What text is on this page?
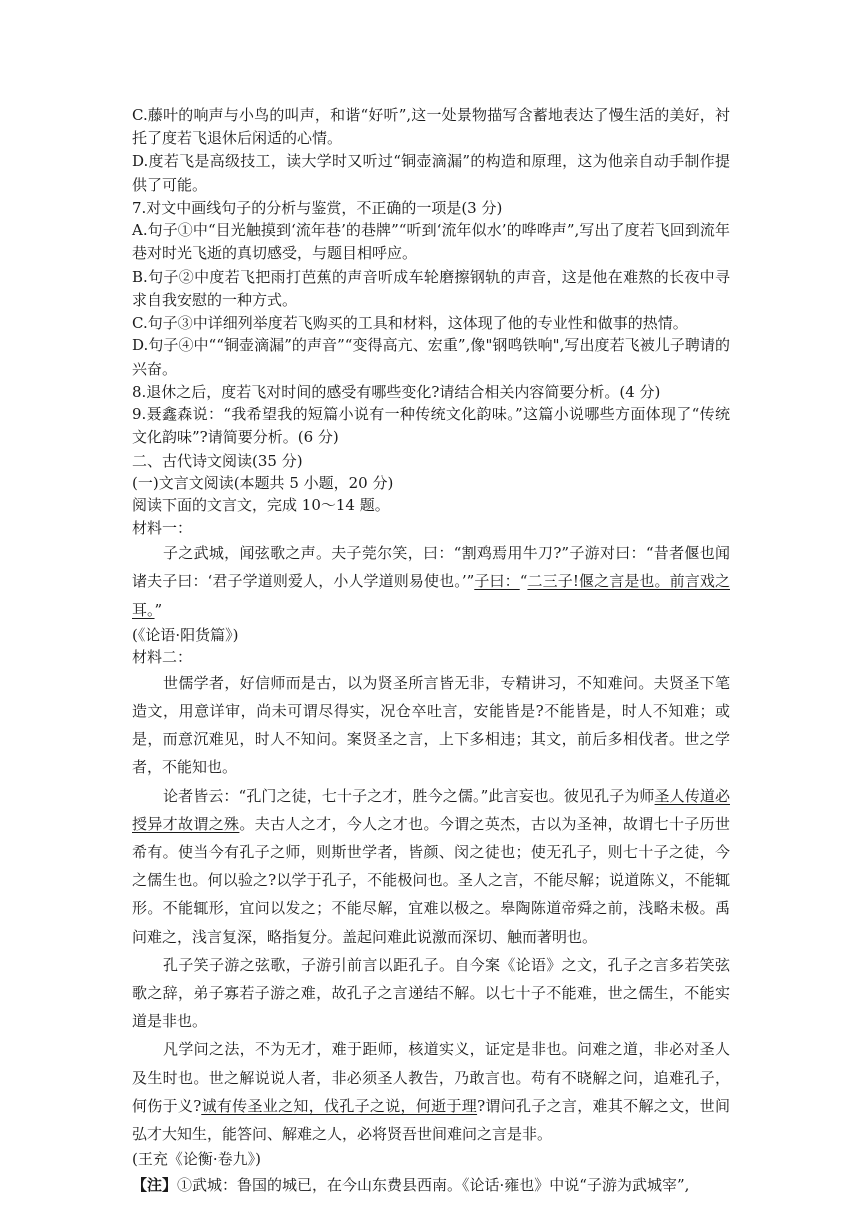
C.藤叶的响声与小鸟的叫声，和谐“好听”,这一处景物描写含蓄地表达了慢生活的美好，衬托了度若飞退休后闲适的心情。

D.度若飞是高级技工，读大学时又听过“铜壶滴漏”的构造和原理，这为他亲自动手制作提供了可能。

7.对文中画线句子的分析与鉴赏，不正确的一项是(3 分)

A.句子①中“目光触摸到‘流年巷’的巷牌”“听到‘流年似水’的哗哗声”,写出了度若飞回到流年巷对时光飞逝的真切感受，与题目相呼应。

B.句子②中度若飞把雨打芭蕉的声音听成车轮磨擦钢轨的声音，这是他在难熬的长夜中寻求自我安慰的一种方式。

C.句子③中详细列举度若飞购买的工具和材料，这体现了他的专业性和做事的热情。

D.句子④中““铜壶滴漏”的声音”“变得高亢、宏重”,像"钢鸣铁响",写出度若飞被儿子聘请的兴奋。

8.退休之后，度若飞对时间的感受有哪些变化?请结合相关内容简要分析。(4 分)

9.聂鑫森说：“我希望我的短篇小说有一种传统文化韵味。”这篇小说哪些方面体现了“传统文化韵味”?请简要分析。(6 分)

二、古代诗文阅读(35 分)

(一)文言文阅读(本题共 5 小题，20 分)

阅读下面的文言文，完成 10～14 题。

材料一：

子之武城，闻弦歌之声。夫子莞尔笑，曰：“割鸡焉用牛刀?”子游对曰：“昔者偃也闻诸夫子曰：‘君子学道则爱人，小人学道则易使也。’”子曰：“二三子!偃之言是也。前言戏之耳。”

(《论语·阳货篇》)

材料二：

世儒学者，好信师而是古，以为贤圣所言皆无非，专精讲习，不知难问。夫贤圣下笔造文，用意详审，尚未可谓尽得实，况仓卒吐言，安能皆是?不能皆是，时人不知难；或是，而意沉难见，时人不知问。案贤圣之言，上下多相违；其文，前后多相伐者。世之学者，不能知也。

论者皆云：“孔门之徒，七十子之才，胜今之儒。”此言妄也。彼见孔子为师圣人传道必授异才故谓之殊。夫古人之才，今人之才也。今谓之英杰，古以为圣神，故谓七十子历世希有。使当今有孔子之师，则斯世学者，皆颜、闵之徒也；使无孔子，则七十子之徒，今之儒生也。何以验之?以学于孔子，不能极问也。圣人之言，不能尽解；说道陈义，不能辄形。不能辄形，宜问以发之；不能尽解，宜难以极之。皋陶陈道帝舜之前，浅略未极。禹问难之，浅言复深，略指复分。盖起问难此说激而深切、触而著明也。

孔子笑子游之弦歌，子游引前言以距孔子。自今案《论语》之文，孔子之言多若笑弦歌之辞，弟子寡若子游之难，故孔子之言递结不解。以七十子不能难，世之儒生，不能实道是非也。

凡学问之法，不为无才，难于距师，核道实义，证定是非也。问难之道，非必对圣人及生时也。世之解说说人者，非必须圣人教告，乃敢言也。苟有不晓解之问，追难孔子，何伤于义?诚有传圣业之知，伐孔子之说，何逝于理?谓问孔子之言，难其不解之文，世间弘才大知生，能答问、解难之人，必将贤吾世间难问之言是非。

(王充《论衡·卷九》)

【注】①武城：鲁国的城已，在今山东费县西南。《论话·雍也》中说“子游为武城宰”,
